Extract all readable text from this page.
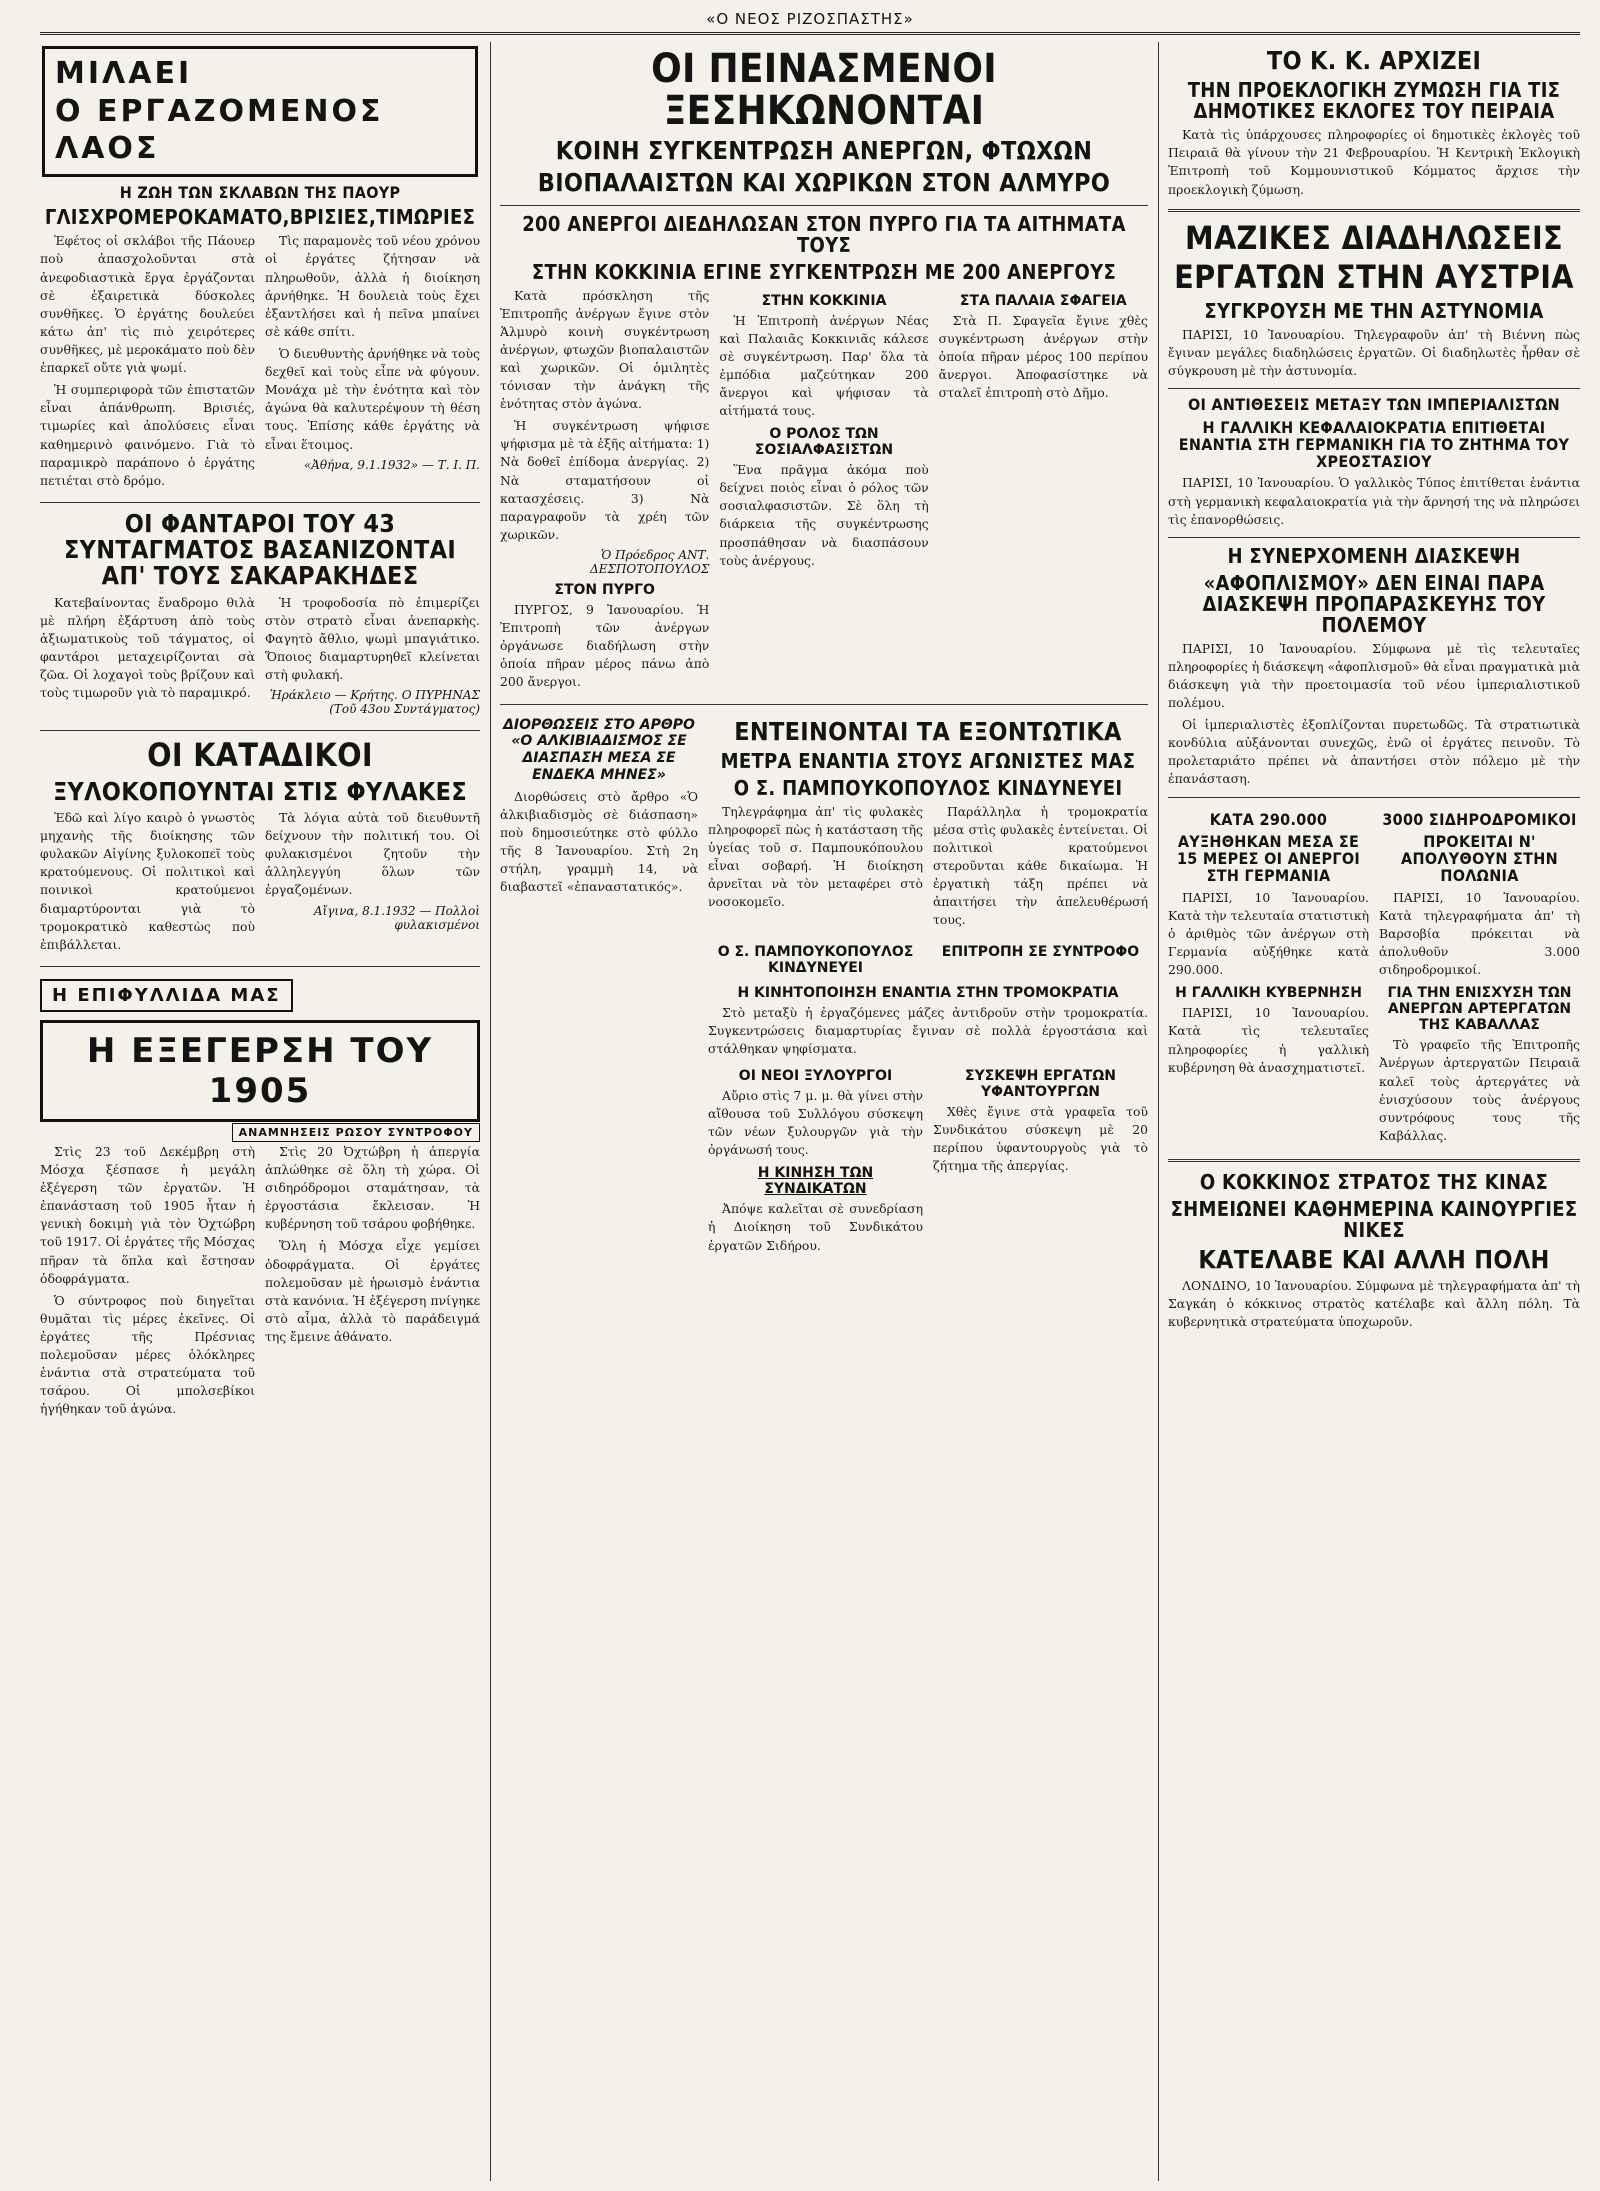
«Ο ΝΕΟΣ ΡΙΖΟΣΠΑΣΤΗΣ»
ΜΙΛΑΕΙ
Ο ΕΡΓΑΖΟΜΕΝΟΣ
ΛΑΟΣ
Η ΖΩΗ ΤΩΝ ΣΚΛΑΒΩΝ ΤΗΣ ΠΑΟΥΡ
ΓΛΙΣΧΡΟΜΕΡΟΚΑΜΑΤΟ,ΒΡΙΣΙΕΣ,ΤΙΜΩΡΙΕΣ

Ἐφέτος οἱ σκλάβοι τῆς Πάουερ ποὺ ἀπασχολοῦνται στὰ ἀνεφοδιαστικὰ ἔργα ἐργάζονται σὲ ἐξαιρετικὰ δύσκολες συνθῆκες. Ὁ ἐργάτης δουλεύει κάτω ἀπ' τὶς πιὸ χειρότερες συνθῆκες, μὲ μεροκάματο ποὺ δὲν ἐπαρκεῖ οὔτε γιὰ ψωμί.

Ἡ συμπεριφορὰ τῶν ἐπιστατῶν εἶναι ἀπάνθρωπη. Βρισιές, τιμωρίες καὶ ἀπολύσεις εἶναι καθημερινὸ φαινόμενο. Γιὰ τὸ παραμικρὸ παράπονο ὁ ἐργάτης πετιέται στὸ δρόμο.

Τὶς παραμονὲς τοῦ νέου χρόνου οἱ ἐργάτες ζήτησαν νὰ πληρωθοῦν, ἀλλὰ ἡ διοίκηση ἀρνήθηκε. Ἡ δουλειὰ τοὺς ἔχει ἐξαντλήσει καὶ ἡ πεῖνα μπαίνει σὲ κάθε σπίτι.

Ὁ διευθυντὴς ἀρνήθηκε νὰ τοὺς δεχθεῖ καὶ τοὺς εἶπε νὰ φύγουν. Μονάχα μὲ τὴν ἑνότητα καὶ τὸν ἀγώνα θὰ καλυτερέψουν τὴ θέση τους. Ἐπίσης κάθε ἐργάτης νὰ εἶναι ἕτοιμος.

«Ἀθήνα, 9.1.1932» — Τ. Ι. Π.
ΟΙ ΦΑΝΤΑΡΟΙ ΤΟΥ 43 ΣΥΝΤΑΓΜΑΤΟΣ ΒΑΣΑΝΙΖΟΝΤΑΙ ΑΠ' ΤΟΥΣ ΣΑΚΑΡΑΚΗΔΕΣ

Κατεβαίνοντας ἔναδρομο θιλὰ μὲ πλήρη ἐξάρτυση ἀπὸ τοὺς ἀξιωματικοὺς τοῦ τάγματος, οἱ φαντάροι μεταχειρίζονται σὰ ζῶα. Οἱ λοχαγοὶ τοὺς βρίζουν καὶ τοὺς τιμωροῦν γιὰ τὸ παραμικρό.

Ἡ τροφοδοσία πὸ ἐπιμερίζει στὸν στρατὸ εἶναι ἀνεπαρκὴς. Φαγητὸ ἄθλιο, ψωμὶ μπαγιάτικο. Ὅποιος διαμαρτυρηθεῖ κλείνεται στὴ φυλακή.

Ἡράκλειο — Κρήτης. Ο ΠΥΡΗΝΑΣ (Τοῦ 43ου Συντάγματος)
ΟΙ ΚΑΤΑΔΙΚΟΙ
ΞΥΛΟΚΟΠΟΥΝΤΑΙ ΣΤΙΣ ΦΥΛΑΚΕΣ

Ἐδῶ καὶ λίγο καιρὸ ὁ γνωστὸς μηχανὴς τῆς διοίκησης τῶν φυλακῶν Αἰγίνης ξυλοκοπεῖ τοὺς κρατούμενους. Οἱ πολιτικοὶ καὶ ποινικοὶ κρατούμενοι διαμαρτύρονται γιὰ τὸ τρομοκρατικὸ καθεστὼς ποὺ ἐπιβάλλεται.

Τὰ λόγια αὐτὰ τοῦ διευθυντῆ δείχνουν τὴν πολιτική του. Οἱ φυλακισμένοι ζητοῦν τὴν ἀλληλεγγύη ὅλων τῶν ἐργαζομένων.

Αἴγινα, 8.1.1932 — Πολλοὶ φυλακισμένοι
Η ΕΠΙΦΥΛΛΙΔΑ ΜΑΣ
Η ΕΞΕΓΕΡΣΗ ΤΟΥ 1905
ΑΝΑΜΝΗΣΕΙΣ ΡΩΣΟΥ ΣΥΝΤΡΟΦΟΥ

Στὶς 23 τοῦ Δεκέμβρη στὴ Μόσχα ξέσπασε ἡ μεγάλη ἐξέγερση τῶν ἐργατῶν. Ἡ ἐπανάσταση τοῦ 1905 ἦταν ἡ γενικὴ δοκιμὴ γιὰ τὸν Ὀχτώβρη τοῦ 1917. Οἱ ἐργάτες τῆς Μόσχας πῆραν τὰ ὅπλα καὶ ἔστησαν ὁδοφράγματα.

Ὁ σύντροφος ποὺ διηγεῖται θυμᾶται τὶς μέρες ἐκεῖνες. Οἱ ἐργάτες τῆς Πρέσνιας πολεμοῦσαν μέρες ὁλόκληρες ἐνάντια στὰ στρατεύματα τοῦ τσάρου. Οἱ μπολσεβίκοι ἡγήθηκαν τοῦ ἀγώνα.

Στὶς 20 Ὀχτώβρη ἡ ἀπεργία ἁπλώθηκε σὲ ὅλη τὴ χώρα. Οἱ σιδηρόδρομοι σταμάτησαν, τὰ ἐργοστάσια ἔκλεισαν. Ἡ κυβέρνηση τοῦ τσάρου φοβήθηκε.

Ὅλη ἡ Μόσχα εἶχε γεμίσει ὁδοφράγματα. Οἱ ἐργάτες πολεμοῦσαν μὲ ἡρωισμὸ ἐνάντια στὰ κανόνια. Ἡ ἐξέγερση πνίγηκε στὸ αἷμα, ἀλλὰ τὸ παράδειγμά της ἔμεινε ἀθάνατο.

ΟΙ ΠΕΙΝΑΣΜΕΝΟΙ ΞΕΣΗΚΩΝΟΝΤΑΙ
ΚΟΙΝΗ ΣΥΓΚΕΝΤΡΩΣΗ ΑΝΕΡΓΩΝ, ΦΤΩΧΩΝ
ΒΙΟΠΑΛΑΙΣΤΩΝ ΚΑΙ ΧΩΡΙΚΩΝ ΣΤΟΝ ΑΛΜΥΡΟ
200 ΑΝΕΡΓΟΙ ΔΙΕΔΗΛΩΣΑΝ ΣΤΟΝ ΠΥΡΓΟ ΓΙΑ ΤΑ ΑΙΤΗΜΑΤΑ ΤΟΥΣ
ΣΤΗΝ ΚΟΚΚΙΝΙΑ ΕΓΙΝΕ ΣΥΓΚΕΝΤΡΩΣΗ ΜΕ 200 ΑΝΕΡΓΟΥΣ

Κατὰ πρόσκληση τῆς Ἐπιτροπῆς ἀνέργων ἔγινε στὸν Ἁλμυρὸ κοινὴ συγκέντρωση ἀνέργων, φτωχῶν βιοπαλαιστῶν καὶ χωρικῶν. Οἱ ὁμιλητὲς τόνισαν τὴν ἀνάγκη τῆς ἑνότητας στὸν ἀγώνα.

Ἡ συγκέντρωση ψήφισε ψήφισμα μὲ τὰ ἑξῆς αἰτήματα: 1) Νὰ δοθεῖ ἐπίδομα ἀνεργίας. 2) Νὰ σταματήσουν οἱ κατασχέσεις. 3) Νὰ παραγραφοῦν τὰ χρέη τῶν χωρικῶν.

Ὁ Πρόεδρος ΑΝΤ. ΔΕΣΠΟΤΟΠΟΥΛΟΣ
ΣΤΟΝ ΠΥΡΓΟ

ΠΥΡΓΟΣ, 9 Ἰανουαρίου. Ἡ Ἐπιτροπὴ τῶν ἀνέργων ὀργάνωσε διαδήλωση στὴν ὁποία πῆραν μέρος πάνω ἀπὸ 200 ἄνεργοι.

ΣΤΗΝ ΚΟΚΚΙΝΙΑ

Ἡ Ἐπιτροπὴ ἀνέργων Νέας καὶ Παλαιᾶς Κοκκινιᾶς κάλεσε σὲ συγκέντρωση. Παρ' ὅλα τὰ ἐμπόδια μαζεύτηκαν 200 ἄνεργοι καὶ ψήφισαν τὰ αἰτήματά τους.

Ο ΡΟΛΟΣ ΤΩΝ ΣΟΣΙΑΛΦΑΣΙΣΤΩΝ

Ἕνα πρᾶγμα ἀκόμα ποὺ δείχνει ποιὸς εἶναι ὁ ρόλος τῶν σοσιαλφασιστῶν. Σὲ ὅλη τὴ διάρκεια τῆς συγκέντρωσης προσπάθησαν νὰ διασπάσουν τοὺς ἀνέργους.

ΣΤΑ ΠΑΛΑΙΑ ΣΦΑΓΕΙΑ

Στὰ Π. Σφαγεῖα ἔγινε χθὲς συγκέντρωση ἀνέργων στὴν ὁποία πῆραν μέρος 100 περίπου ἄνεργοι. Ἀποφασίστηκε νὰ σταλεῖ ἐπιτροπὴ στὸ Δῆμο.

ΔΙΟΡΘΩΣΕΙΣ ΣΤΟ ΑΡΘΡΟ «Ο ΑΛΚΙΒΙΑΔΙΣΜΟΣ ΣΕ ΔΙΑΣΠΑΣΗ ΜΕΣΑ ΣΕ ΕΝΔΕΚΑ ΜΗΝΕΣ»

Διορθώσεις στὸ ἄρθρο «Ὁ ἀλκιβιαδισμὸς σὲ διάσπαση» ποὺ δημοσιεύτηκε στὸ φύλλο τῆς 8 Ἰανουαρίου. Στὴ 2η στήλη, γραμμὴ 14, νὰ διαβαστεῖ «ἐπαναστατικός».

ΕΝΤΕΙΝΟΝΤΑΙ ΤΑ ΕΞΟΝΤΩΤΙΚΑ
ΜΕΤΡΑ ΕΝΑΝΤΙΑ ΣΤΟΥΣ ΑΓΩΝΙΣΤΕΣ ΜΑΣ
Ο Σ. ΠΑΜΠΟΥΚΟΠΟΥΛΟΣ ΚΙΝΔΥΝΕΥΕΙ

Τηλεγράφημα ἀπ' τὶς φυλακὲς πληροφορεῖ πὼς ἡ κατάσταση τῆς ὑγείας τοῦ σ. Παμπουκόπουλου εἶναι σοβαρή. Ἡ διοίκηση ἀρνεῖται νὰ τὸν μεταφέρει στὸ νοσοκομεῖο.

Παράλληλα ἡ τρομοκρατία μέσα στὶς φυλακὲς ἐντείνεται. Οἱ πολιτικοὶ κρατούμενοι στεροῦνται κάθε δικαίωμα. Ἡ ἐργατικὴ τάξη πρέπει νὰ ἀπαιτήσει τὴν ἀπελευθέρωσή τους.

Ο Σ. ΠΑΜΠΟΥΚΟΠΟΥΛΟΣ ΚΙΝΔΥΝΕΥΕΙ
ΕΠΙΤΡΟΠΗ ΣΕ ΣΥΝΤΡΟΦΟ
Η ΚΙΝΗΤΟΠΟΙΗΣΗ ΕΝΑΝΤΙΑ ΣΤΗΝ ΤΡΟΜΟΚΡΑΤΙΑ

Στὸ μεταξὺ ἡ ἐργαζόμενες μάζες ἀντιδροῦν στὴν τρομοκρατία. Συγκεντρώσεις διαμαρτυρίας ἔγιναν σὲ πολλὰ ἐργοστάσια καὶ στάλθηκαν ψηφίσματα.

ΟΙ ΝΕΟΙ ΞΥΛΟΥΡΓΟΙ

Αὔριο στὶς 7 μ. μ. θὰ γίνει στὴν αἴθουσα τοῦ Συλλόγου σύσκεψη τῶν νέων ξυλουργῶν γιὰ τὴν ὀργάνωσή τους.

Η ΚΙΝΗΣΗ ΤΩΝ ΣΥΝΔΙΚΑΤΩΝ

Ἀπόψε καλεῖται σὲ συνεδρίαση ἡ Διοίκηση τοῦ Συνδικάτου ἐργατῶν Σιδήρου.

ΣΥΣΚΕΨΗ ΕΡΓΑΤΩΝ ΥΦΑΝΤΟΥΡΓΩΝ

Χθὲς ἔγινε στὰ γραφεῖα τοῦ Συνδικάτου σύσκεψη μὲ 20 περίπου ὑφαντουργοὺς γιὰ τὸ ζήτημα τῆς ἀπεργίας.

ΤΟ Κ. Κ. ΑΡΧΙΖΕΙ
ΤΗΝ ΠΡΟΕΚΛΟΓΙΚΗ ΖΥΜΩΣΗ ΓΙΑ ΤΙΣ ΔΗΜΟΤΙΚΕΣ ΕΚΛΟΓΕΣ ΤΟΥ ΠΕΙΡΑΙΑ

Κατὰ τὶς ὑπάρχουσες πληροφορίες οἱ δημοτικὲς ἐκλογὲς τοῦ Πειραιᾶ θὰ γίνουν τὴν 21 Φεβρουαρίου. Ἡ Κεντρικὴ Ἐκλογικὴ Ἐπιτροπὴ τοῦ Κομμουνιστικοῦ Κόμματος ἄρχισε τὴν προεκλογικὴ ζύμωση.

ΜΑΖΙΚΕΣ ΔΙΑΔΗΛΩΣΕΙΣ
ΕΡΓΑΤΩΝ ΣΤΗΝ ΑΥΣΤΡΙΑ
ΣΥΓΚΡΟΥΣΗ ΜΕ ΤΗΝ ΑΣΤΥΝΟΜΙΑ

ΠΑΡΙΣΙ, 10 Ἰανουαρίου. Τηλεγραφοῦν ἀπ' τὴ Βιέννη πὼς ἔγιναν μεγάλες διαδηλώσεις ἐργατῶν. Οἱ διαδηλωτὲς ἦρθαν σὲ σύγκρουση μὲ τὴν ἀστυνομία.

ΟΙ ΑΝΤΙΘΕΣΕΙΣ ΜΕΤΑΞΥ ΤΩΝ ΙΜΠΕΡΙΑΛΙΣΤΩΝ
Η ΓΑΛΛΙΚΗ ΚΕΦΑΛΑΙΟΚΡΑΤΙΑ ΕΠΙΤΙΘΕΤΑΙ ΕΝΑΝΤΙΑ ΣΤΗ ΓΕΡΜΑΝΙΚΗ ΓΙΑ ΤΟ ΖΗΤΗΜΑ ΤΟΥ ΧΡΕΟΣΤΑΣΙΟΥ

ΠΑΡΙΣΙ, 10 Ἰανουαρίου. Ὁ γαλλικὸς Τύπος ἐπιτίθεται ἐνάντια στὴ γερμανικὴ κεφαλαιοκρατία γιὰ τὴν ἄρνησή της νὰ πληρώσει τὶς ἐπανορθώσεις.

Η ΣΥΝΕΡΧΟΜΕΝΗ ΔΙΑΣΚΕΨΗ
«ΑΦΟΠΛΙΣΜΟΥ» ΔΕΝ ΕΙΝΑΙ ΠΑΡΑ ΔΙΑΣΚΕΨΗ ΠΡΟΠΑΡΑΣΚΕΥΗΣ ΤΟΥ ΠΟΛΕΜΟΥ

ΠΑΡΙΣΙ, 10 Ἰανουαρίου. Σύμφωνα μὲ τὶς τελευταῖες πληροφορίες ἡ διάσκεψη «ἀφοπλισμοῦ» θὰ εἶναι πραγματικὰ μιὰ διάσκεψη γιὰ τὴν προετοιμασία τοῦ νέου ἱμπεριαλιστικοῦ πολέμου.

Οἱ ἱμπεριαλιστὲς ἐξοπλίζονται πυρετωδῶς. Τὰ στρατιωτικὰ κονδύλια αὐξάνονται συνεχῶς, ἐνῶ οἱ ἐργάτες πεινοῦν. Τὸ προλεταριάτο πρέπει νὰ ἀπαντήσει στὸν πόλεμο μὲ τὴν ἐπανάσταση.

ΚΑΤΑ 290.000
ΑΥΞΗΘΗΚΑΝ ΜΕΣΑ ΣΕ 15 ΜΕΡΕΣ ΟΙ ΑΝΕΡΓΟΙ ΣΤΗ ΓΕΡΜΑΝΙΑ

ΠΑΡΙΣΙ, 10 Ἰανουαρίου. Κατὰ τὴν τελευταία στατιστικὴ ὁ ἀριθμὸς τῶν ἀνέργων στὴ Γερμανία αὐξήθηκε κατὰ 290.000.

Η ΓΑΛΛΙΚΗ ΚΥΒΕΡΝΗΣΗ

ΠΑΡΙΣΙ, 10 Ἰανουαρίου. Κατὰ τὶς τελευταῖες πληροφορίες ἡ γαλλικὴ κυβέρνηση θὰ ἀνασχηματιστεῖ.

3000 ΣΙΔΗΡΟΔΡΟΜΙΚΟΙ
ΠΡΟΚΕΙΤΑΙ Ν' ΑΠΟΛΥΘΟΥΝ ΣΤΗΝ ΠΟΛΩΝΙΑ

ΠΑΡΙΣΙ, 10 Ἰανουαρίου. Κατὰ τηλεγραφήματα ἀπ' τὴ Βαρσοβία πρόκειται νὰ ἀπολυθοῦν 3.000 σιδηροδρομικοί.

ΓΙΑ ΤΗΝ ΕΝΙΣΧΥΣΗ ΤΩΝ ΑΝΕΡΓΩΝ ΑΡΤΕΡΓΑΤΩΝ ΤΗΣ ΚΑΒΑΛΛΑΣ

Τὸ γραφεῖο τῆς Ἐπιτροπῆς Ἀνέργων ἀρτεργατῶν Πειραιᾶ καλεῖ τοὺς ἀρτεργάτες νὰ ἐνισχύσουν τοὺς ἀνέργους συντρόφους τους τῆς Καβάλλας.

Ο ΚΟΚΚΙΝΟΣ ΣΤΡΑΤΟΣ ΤΗΣ ΚΙΝΑΣ
ΣΗΜΕΙΩΝΕΙ ΚΑΘΗΜΕΡΙΝΑ ΚΑΙΝΟΥΡΓΙΕΣ ΝΙΚΕΣ
ΚΑΤΕΛΑΒΕ ΚΑΙ ΑΛΛΗ ΠΟΛΗ

ΛΟΝΔΙΝΟ, 10 Ἰανουαρίου. Σύμφωνα μὲ τηλεγραφήματα ἀπ' τὴ Σαγκάη ὁ κόκκινος στρατὸς κατέλαβε καὶ ἄλλη πόλη. Τὰ κυβερνητικὰ στρατεύματα ὑποχωροῦν.
